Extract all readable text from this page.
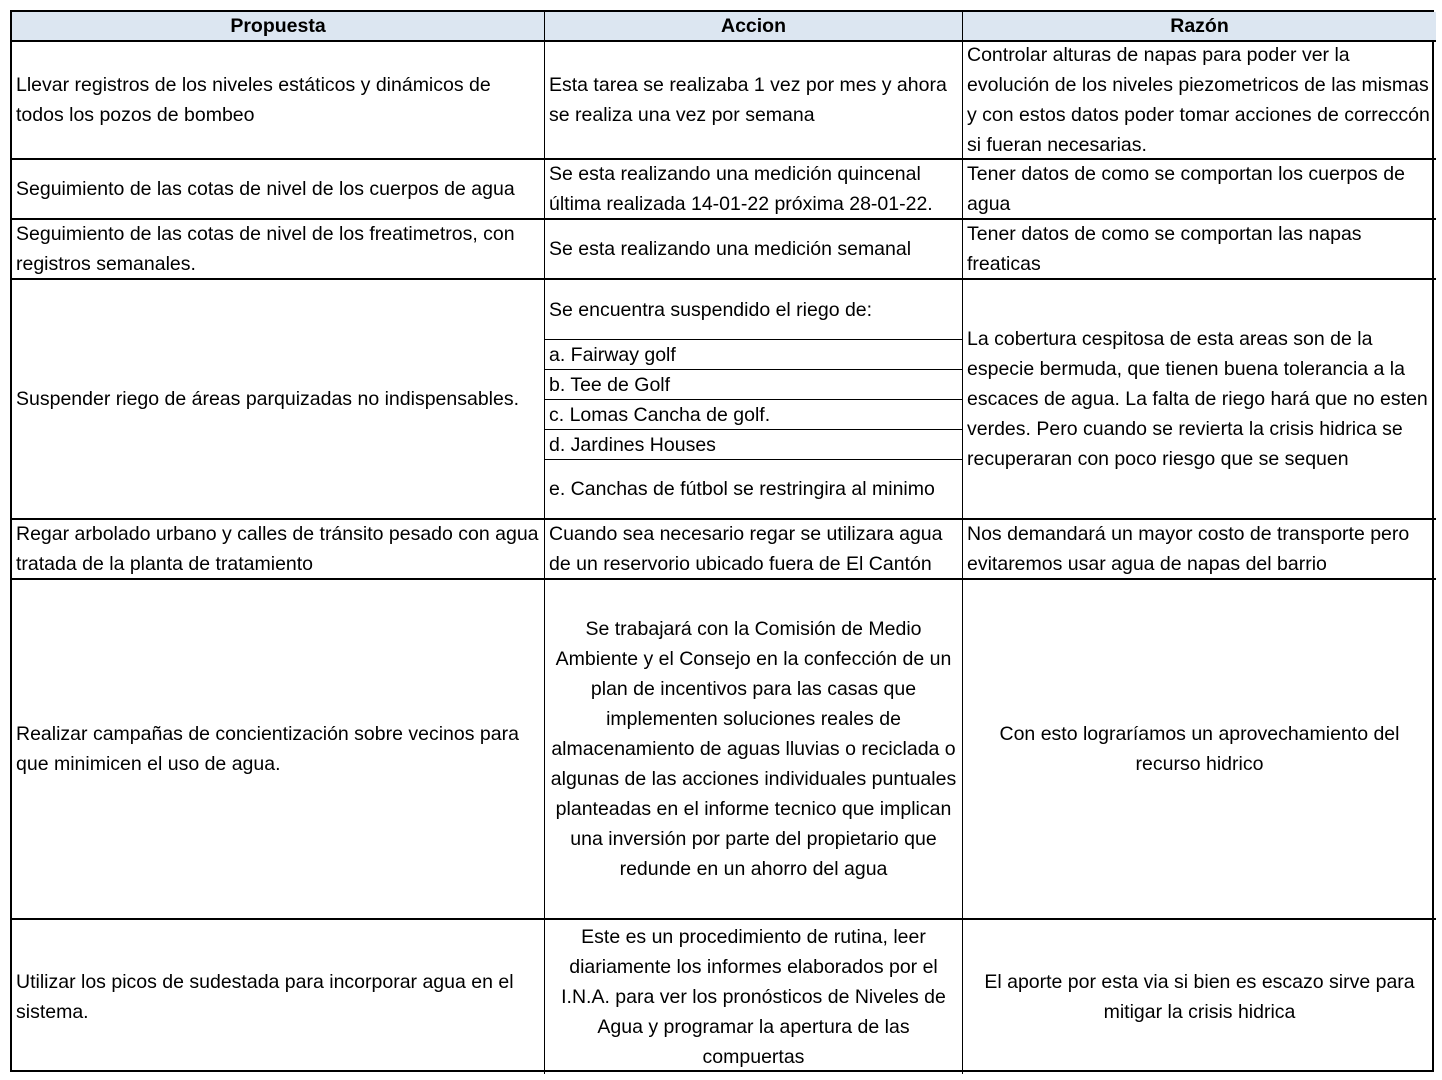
Propuesta	Accion	Razón
Llevar registros de los niveles estáticos y dinámicos de todos los pozos de bombeo
Esta tarea se realizaba 1 vez por mes y ahora se realiza una vez por semana
Controlar alturas de napas para poder ver la evolución de los niveles piezometricos de las mismas y con estos datos poder tomar acciones de correccón si fueran necesarias.
Seguimiento de las cotas de nivel de los cuerpos de agua
Se esta realizando una medición quincenal última realizada 14-01-22 próxima 28-01-22.
Tener datos de como se comportan los cuerpos de agua
Seguimiento de las cotas de nivel de los freatimetros, con registros semanales.
Se esta realizando una medición semanal
Tener datos de como se comportan las napas freaticas
Suspender riego de áreas parquizadas no indispensables.
Se encuentra suspendido el riego de:
a. Fairway golf
b. Tee de Golf
c. Lomas Cancha de golf.
d. Jardines Houses
e. Canchas de fútbol se restringira al minimo
La cobertura cespitosa de esta areas son de la especie bermuda, que tienen buena tolerancia a la escaces de agua. La falta de riego hará que no esten verdes. Pero cuando se revierta la crisis hidrica se recuperaran con poco riesgo que se sequen
Regar arbolado urbano y calles de tránsito pesado con agua tratada de la planta de tratamiento
Cuando sea necesario regar se utilizara agua de un reservorio ubicado fuera de El Cantón
Nos demandará un mayor costo de transporte pero evitaremos usar agua de napas del barrio
Realizar campañas de concientización sobre vecinos para que minimicen el uso de agua.
Se trabajará con la Comisión de Medio Ambiente y el Consejo en la confección de un plan de incentivos para las casas que implementen soluciones reales de almacenamiento de aguas lluvias o reciclada o algunas de las acciones individuales puntuales planteadas en el informe tecnico que implican una inversión por parte del propietario que redunde en un ahorro del agua
Con esto lograríamos un aprovechamiento del recurso hidrico
Utilizar los picos de sudestada para incorporar agua en el sistema.
Este es un procedimiento de rutina, leer diariamente los informes elaborados por el I.N.A. para ver los pronósticos de Niveles de Agua y programar la apertura de las compuertas
El aporte por esta via si bien es escazo sirve para mitigar la crisis hidrica
